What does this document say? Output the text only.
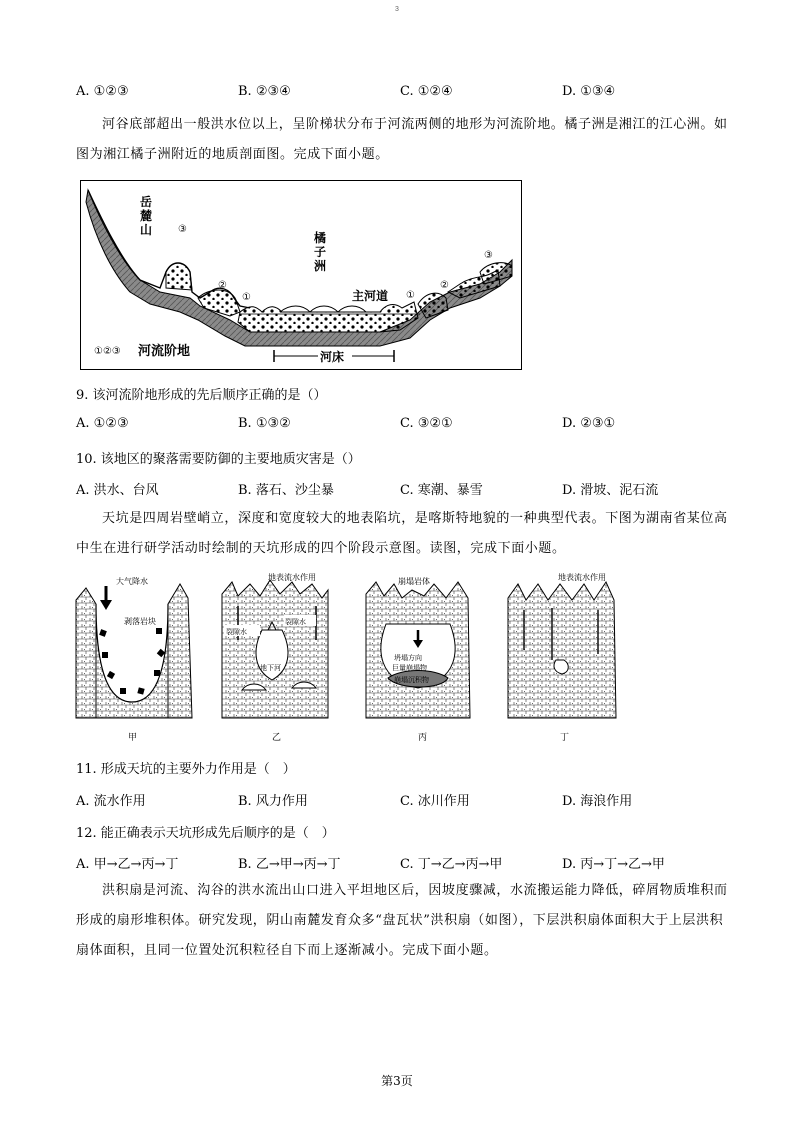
3
A. ①②③	B. ②③④	C. ①②④	D. ①③④
河谷底部超出一般洪水位以上，呈阶梯状分布于河流两侧的地形为河流阶地。橘子洲是湘江的江心洲。如图为湘江橘子洲附近的地质剖面图。完成下面小题。
岳
麓山	③
②
①
橘
子
洲
主河道 ①
②
③
河床
①②③ 河流阶地
9. 该河流阶地形成的先后顺序正确的是（）
A. ①②③	B. ①③②	C. ③②①	D. ②③①
10. 该地区的聚落需要防御的主要地质灾害是（）
A. 洪水、台风	B. 落石、沙尘暴	C. 寒潮、暴雪	D. 滑坡、泥石流
天坑是四周岩壁峭立，深度和宽度较大的地表陷坑，是喀斯特地貌的一种典型代表。下图为湖南省某位高中生在进行研学活动时绘制的天坑形成的四个阶段示意图。读图，完成下面小题。
大气降水
剥落岩块
甲
地表流水作用
裂隙水
裂隙水
地下河
乙
崩塌岩体
坍塌方向
巨量崩塌物
崩塌沉积物
丙
地表流水作用
丁
11. 形成天坑的主要外力作用是（　）
A. 流水作用	B. 风力作用	C. 冰川作用	D. 海浪作用
12. 能正确表示天坑形成先后顺序的是（　）
A. 甲→乙→丙→丁	B. 乙→甲→丙→丁	C. 丁→乙→丙→甲	D. 丙→丁→乙→甲
洪积扇是河流、沟谷的洪水流出山口进入平坦地区后，因坡度骤减，水流搬运能力降低，碎屑物质堆积而形成的扇形堆积体。研究发现，阴山南麓发育众多“盘瓦状”洪积扇（如图），下层洪积扇体面积大于上层洪积扇体面积，且同一位置处沉积粒径自下而上逐渐减小。完成下面小题。
第3页
